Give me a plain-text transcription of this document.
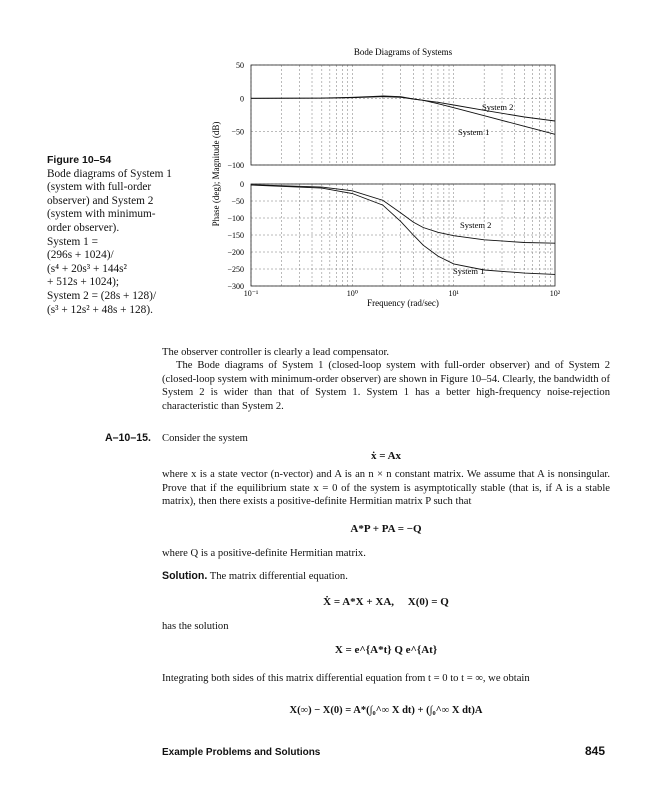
Figure 10–54
Bode diagrams of System 1
(system with full-order
observer) and System 2
(system with minimum-
order observer).
System 1 =
(296s + 1024)/
(s⁴ + 20s³ + 144s²
+ 512s + 1024);
System 2 = (28s + 128)/
(s³ + 12s² + 48s + 128).
Bode Diagrams of Systems
Phase (deg); Magnitude (dB)
Frequency (rad/sec)
System 2
System 1
System 2
System 1
50
0
−50
−100
0
−50
−100
−150
−200
−250
−300
10⁻¹	10⁰	10¹	10²
The observer controller is clearly a lead compensator.
The Bode diagrams of System 1 (closed-loop system with full-order observer) and of System 2 (closed-loop system with minimum-order observer) are shown in Figure 10–54. Clearly, the bandwidth of System 2 is wider than that of System 1. System 1 has a better high-frequency noise-rejection characteristic than System 2.
A–10–15. Consider the system
ẋ = Ax
where x is a state vector (n-vector) and A is an n × n constant matrix. We assume that A is nonsingular. Prove that if the equilibrium state x = 0 of the system is asymptotically stable (that is, if A is a stable matrix), then there exists a positive-definite Hermitian matrix P such that
A*P + PA = −Q
where Q is a positive-definite Hermitian matrix.
Solution. The matrix differential equation.
Ẋ = A*X + XA,     X(0) = Q
has the solution
X = e^{A*t} Q e^{At}
Integrating both sides of this matrix differential equation from t = 0 to t = ∞, we obtain
X(∞) − X(0) = A*(∫₀^∞ X dt) + (∫₀^∞ X dt)A
Example Problems and Solutions	845
